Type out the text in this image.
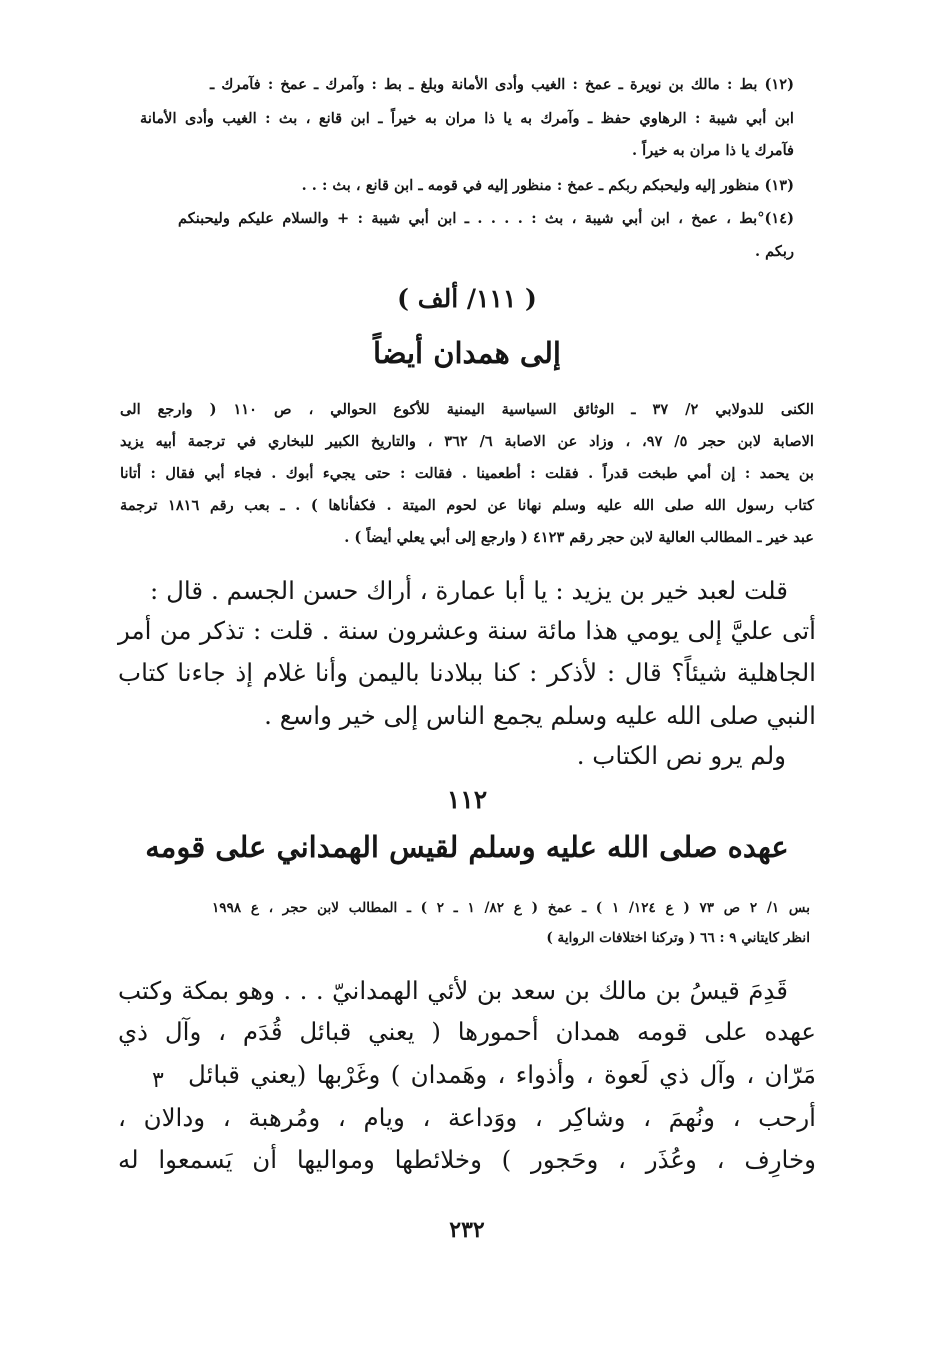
(١٢) بط : مالك بن نويرة ـ عمخ : الغيب وأدى الأمانة وبلغ ـ بط : وآمرك ـ عمخ : فآمرك ـ
ابن أبي شيبة : الرهاوي حفظ ـ وآمرك به يا ذا مران به خيراً ـ ابن قانع ، بث : الغيب وأدى الأمانة
فآمرك يا ذا مران به خيراً .
(١٣) منظور إليه وليحبكم ربكم ـ عمخ : منظور إليه في قومه ـ ابن قانع ، بث : . .
(١٤)°بط ، عمخ ، ابن أبي شيبة ، بث : . . . . ـ ابن أبي شيبة : + والسلام عليكم وليحبنكم
ربكم .
( ١١١/ ألف )
إلى همدان أيضاً
الكنى للدولابي ٢/ ٣٧ ـ الوثائق السياسية اليمنية للأكوع الحوالي ، ص ١١٠ ( وارجع الى
الاصابة لابن حجر ٥/ ٩٧، ، وزاد عن الاصابة ٦/ ٣٦٢ ، والتاريخ الكبير للبخاري في ترجمة أبيه يزيد
بن يحمد : إن أمي طبخت قدراً . فقلت : أطعمينا . فقالت : حتى يجيء أبوك . فجاء أبي فقال : أتانا
كتاب رسول الله صلى الله عليه وسلم نهانا عن لحوم الميتة . فكفأناها ) . ـ بعب رقم ١٨١٦ ترجمة
عبد خير ـ المطالب العالية لابن حجر رقم ٤١٢٣ ( وارجع إلى أبي يعلي أيضاً ) .
قلت لعبد خير بن يزيد : يا أبا عمارة ، أراك حسن الجسم . قال :
أتى عليَّ إلى يومي هذا مائة سنة وعشرون سنة . قلت : تذكر من أمر
الجاهلية شيئاً؟ قال : لأذكر : كنا ببلادنا باليمن وأنا غلام إذ جاءنا كتاب
النبي صلى الله عليه وسلم يجمع الناس إلى خير واسع .
ولم يرو نص الكتاب .
١١٢
عهده صلى الله عليه وسلم لقيس الهمداني على قومه
بس ١/ ٢ ص ٧٣ ( ع ١٢٤/ ١ ) ـ عمخ ( ع ٨٢/ ١ ـ ٢ ) ـ المطالب لابن حجر ، ع ١٩٩٨
انظر كايتاني ٩ : ٦٦ ( وتركنا اختلافات الرواية )
قَدِمَ قيسُ بن مالك بن سعد بن لأئي الهمدانيّ . . . وهو بمكة وكتب
عهده على قومه همدان أحمورها ( يعني قبائل قُدَم ، وآل ذي
مَرّان ، وآل ذي لَعوة ، وأذواء ، وهَمدان ) وغَرْبها (يعني قبائل
أرحب ، ونُهمَ ، وشاكِر ، ووَداعة ، ويام ، ومُرهبة ، ودالان ،
وخارِف ، وعُذَر ، وحَجور ) وخلائطها ومواليها أن يَسمعوا له
٣
٢٣٢
